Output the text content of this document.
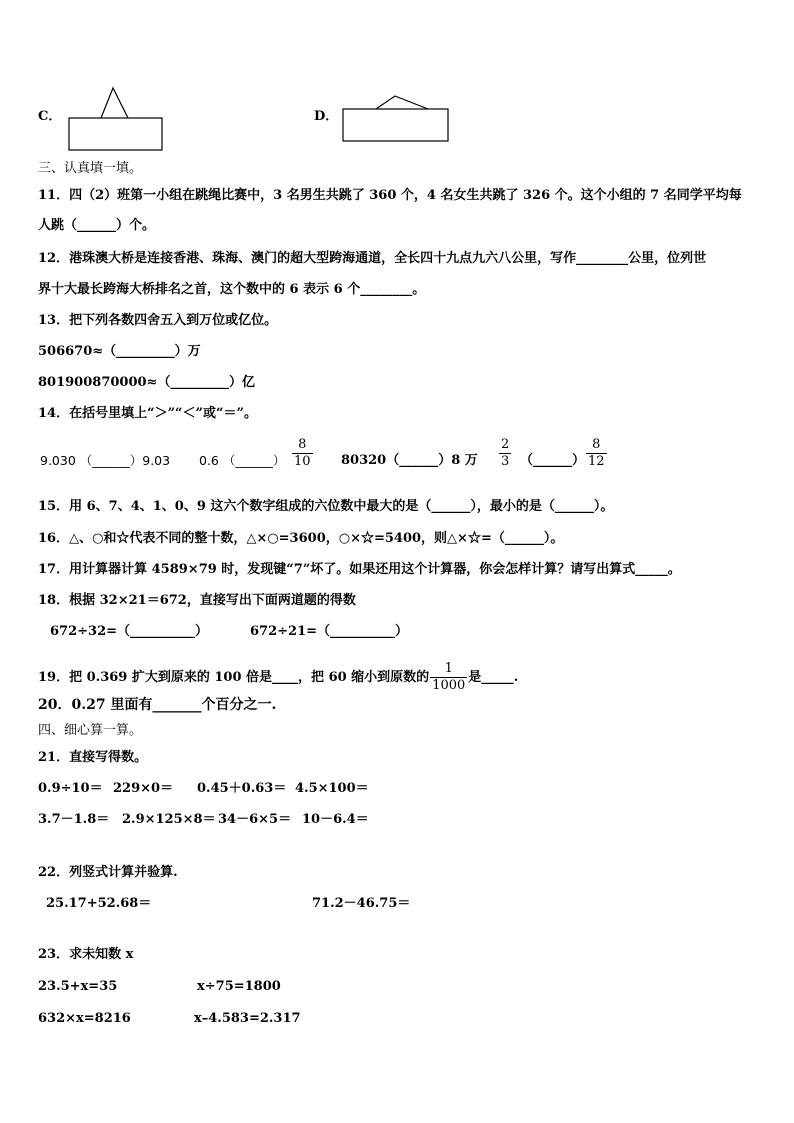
C．	D．
三、认真填一填。
11．四（2）班第一小组在跳绳比赛中，3 名男生共跳了 360 个，4 名女生共跳了 326 个。这个小组的 7 名同学平均每
人跳（______）个。
12．港珠澳大桥是连接香港、珠海、澳门的超大型跨海通道，全长四十九点九六八公里，写作________公里，位列世
界十大最长跨海大桥排名之首，这个数中的 6 表示 6 个________。
13．把下列各数四舍五入到万位或亿位。
506670≈（_________）万
801900870000≈（_________）亿
14．在括号里填上“＞”“＜”或“＝”。
9.030 （______）9.03 0.6 （______） $\frac{8}{10}$ 80320（______）8 万 $\frac{2}{3}$ （______） $\frac{8}{12}$
15．用 6、7、4、1、0、9 这六个数字组成的六位数中最大的是（______），最小的是（______）。
16．△、○和☆代表不同的整十数，△×○=3600，○×☆=5400，则△×☆=（______）。
17．用计算器计算 4589×79 时，发现键“7”坏了。如果还用这个计算器，你会怎样计算？请写出算式_____。
18．根据 32×21＝672，直接写出下面两道题的得数
672÷32=（__________）	672÷21=（__________）
19．把 0.369 扩大到原来的 100 倍是____，把 60 缩小到原数的 $\frac{1}{1000}$ 是_____.
20．0.27 里面有_______个百分之一.
四、细心算一算。
21．直接写得数。
0.9÷10＝ 229×0＝ 0.45＋0.63＝ 4.5×100＝
3.7－1.8＝ 2.9×125×8＝ 34－6×5＝ 10－6.4＝
22．列竖式计算并验算.
25.17+52.68＝	71.2－46.75＝
23．求未知数 x
23.5+x=35	x÷75=1800
632×x=8216	x–4.583=2.317
